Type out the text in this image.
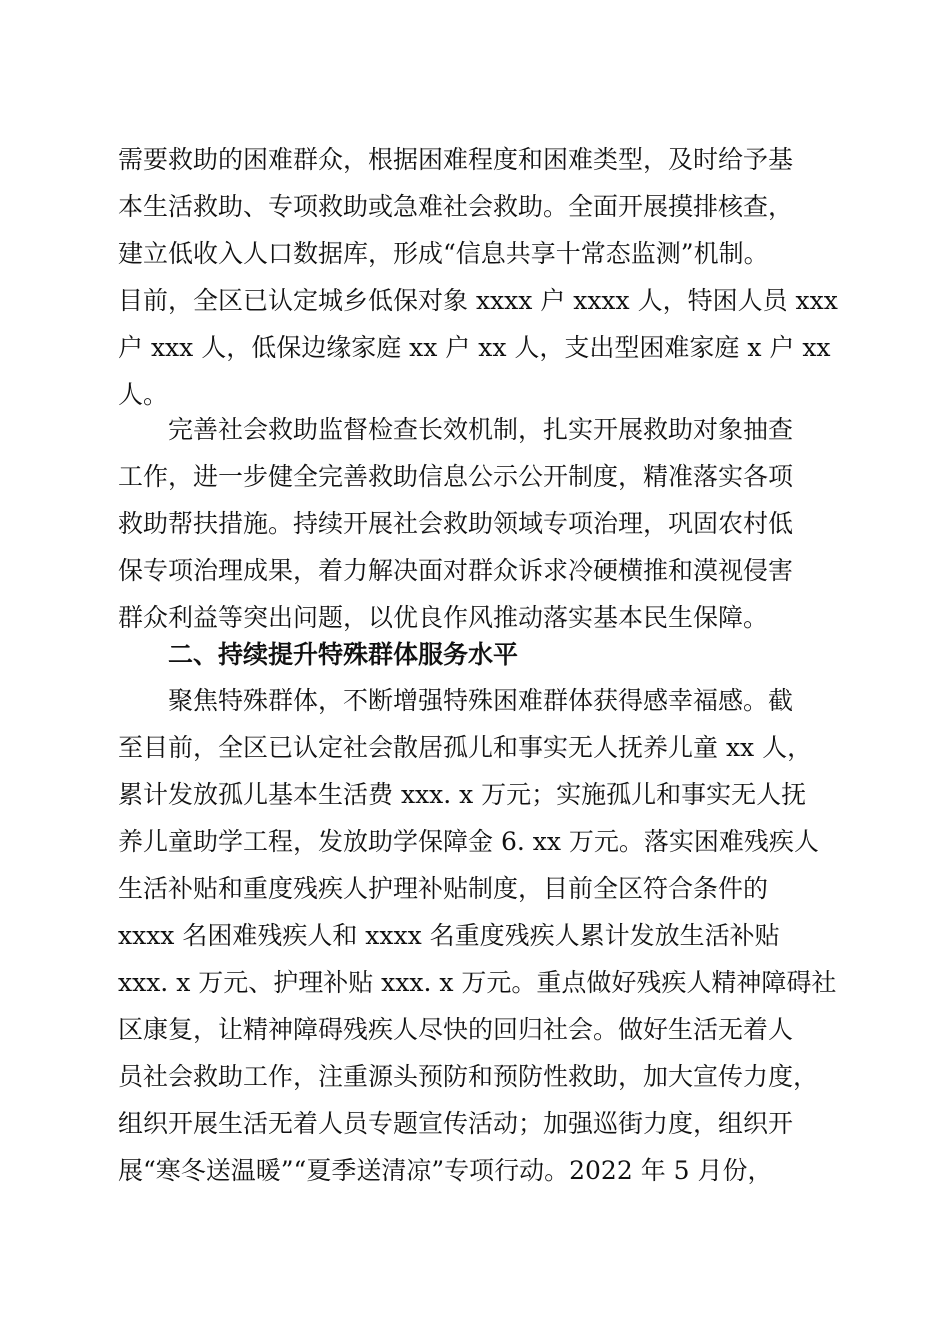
需要救助的困难群众，根据困难程度和困难类型，及时给予基
本生活救助、专项救助或急难社会救助。全面开展摸排核查，
建立低收入人口数据库，形成“信息共享十常态监测”机制。
目前，全区已认定城乡低保对象 xxxx 户 xxxx 人，特困人员 xxx
户 xxx 人，低保边缘家庭 xx 户 xx 人，支出型困难家庭 x 户 xx
人。
完善社会救助监督检查长效机制，扎实开展救助对象抽查
工作，进一步健全完善救助信息公示公开制度，精准落实各项
救助帮扶措施。持续开展社会救助领域专项治理，巩固农村低
保专项治理成果，着力解决面对群众诉求冷硬横推和漠视侵害
群众利益等突出问题，以优良作风推动落实基本民生保障。
二、持续提升特殊群体服务水平
聚焦特殊群体，不断增强特殊困难群体获得感幸福感。截
至目前，全区已认定社会散居孤儿和事实无人抚养儿童 xx 人，
累计发放孤儿基本生活费 xxx. x 万元；实施孤儿和事实无人抚
养儿童助学工程，发放助学保障金 6. xx 万元。落实困难残疾人
生活补贴和重度残疾人护理补贴制度，目前全区符合条件的
xxxx 名困难残疾人和 xxxx 名重度残疾人累计发放生活补贴
xxx. x 万元、护理补贴 xxx. x 万元。重点做好残疾人精神障碍社
区康复，让精神障碍残疾人尽快的回归社会。做好生活无着人
员社会救助工作，注重源头预防和预防性救助，加大宣传力度，
组织开展生活无着人员专题宣传活动；加强巡街力度，组织开
展“寒冬送温暖”“夏季送清凉”专项行动。2022 年 5 月份，
